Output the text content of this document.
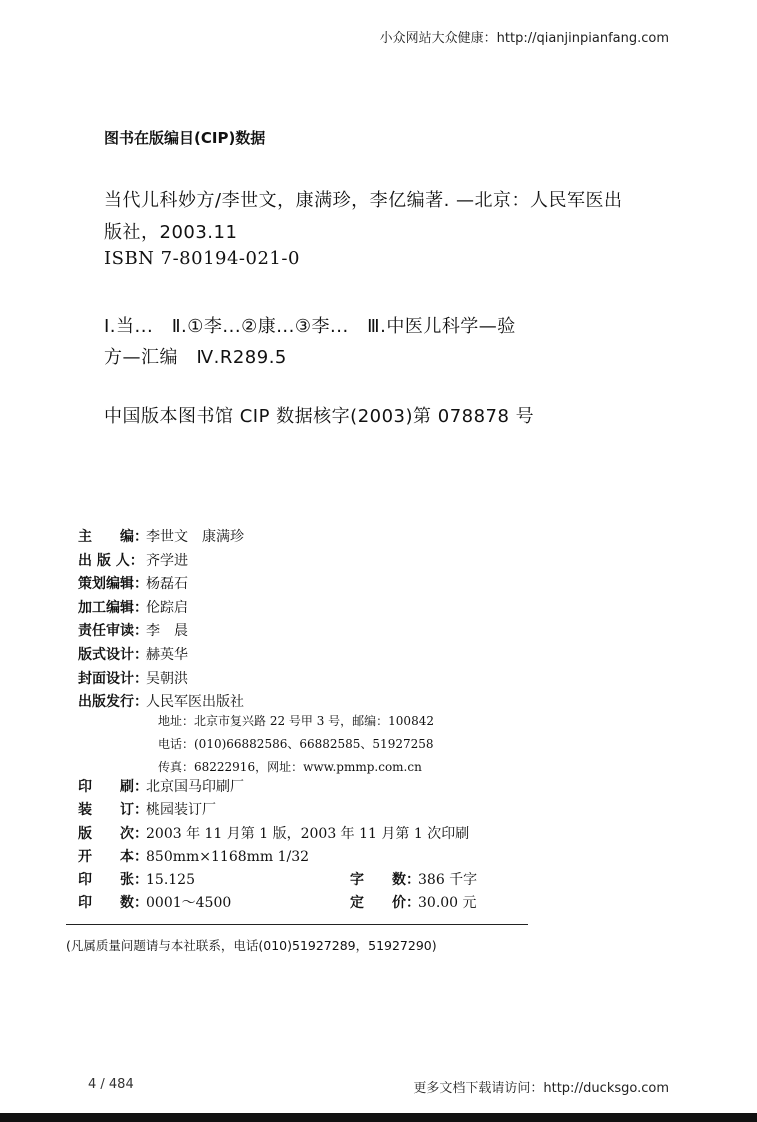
小众网站大众健康：http://qianjinpianfang.com
图书在版编目(CIP)数据
当代儿科妙方/李世文，康满珍，李亿编著. —北京：人民军医出
版社，2003.11
ISBN 7-80194-021-0
Ⅰ.当...　Ⅱ.①李...②康...③李...　Ⅲ.中医儿科学—验
方—汇编　Ⅳ.R289.5
中国版本图书馆 CIP 数据核字(2003)第 078878 号
主　　编：李世文　康满珍
出 版 人： 齐学进
策划编辑：杨磊石
加工编辑：伦踪启
责任审读：李　晨
版式设计：赫英华
封面设计：吴朝洪
出版发行：人民军医出版社
地址：北京市复兴路 22 号甲 3 号，邮编：100842
电话：(010)66882586、66882585、51927258
传真：68222916，网址：www.pmmp.com.cn
印　　刷：北京国马印刷厂
装　　订：桃园装订厂
版　　次：2003 年 11 月第 1 版，2003 年 11 月第 1 次印刷
开　　本：850mm×1168mm 1/32
印　　张：15.125	字　　数：386 千字
印　　数：0001～4500	定　　价：30.00 元
(凡属质量问题请与本社联系，电话(010)51927289，51927290)
4 / 484	更多文档下载请访问：http://ducksgo.com
